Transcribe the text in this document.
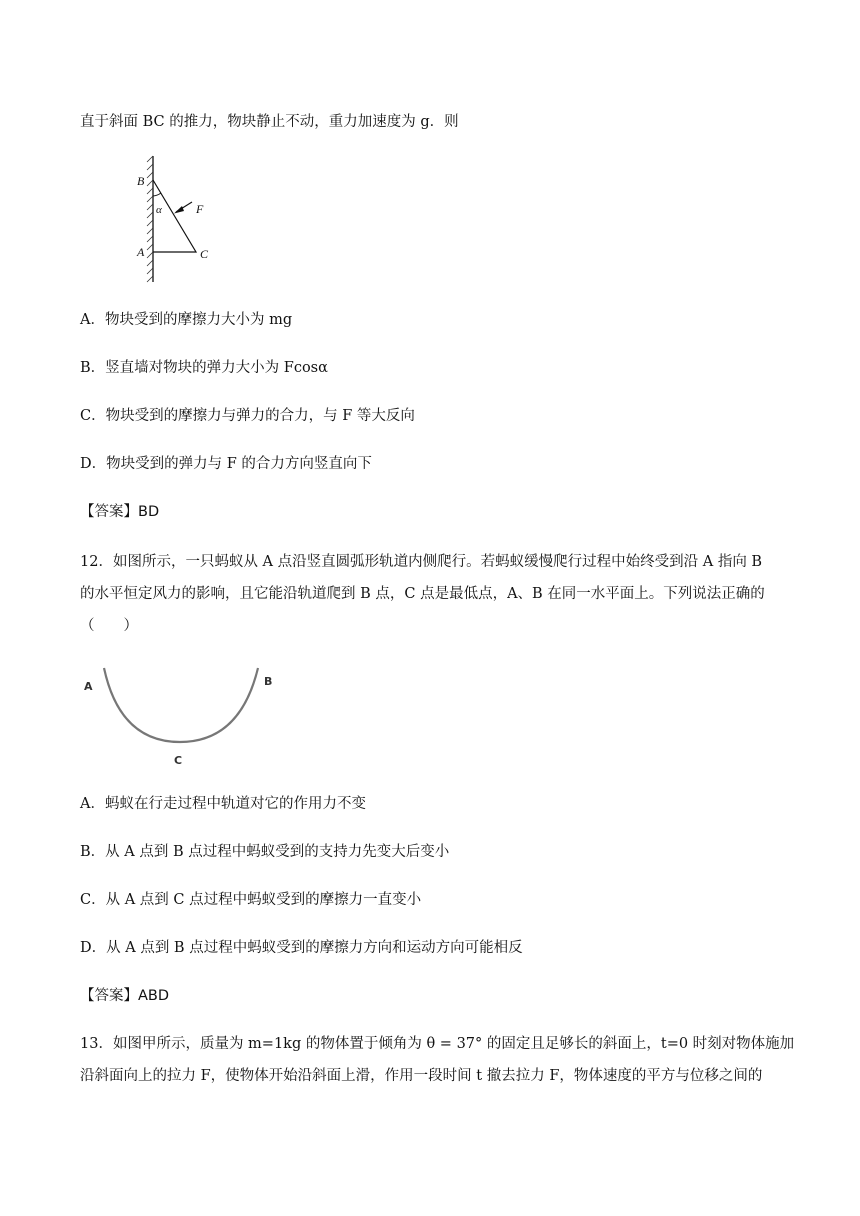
直于斜面 BC 的推力，物块静止不动，重力加速度为 g．则
B
α	F
A	C
A．物块受到的摩擦力大小为 mg
B．竖直墙对物块的弹力大小为 Fcosα
C．物块受到的摩擦力与弹力的合力，与 F 等大反向
D．物块受到的弹力与 F 的合力方向竖直向下
【答案】BD
12．如图所示，一只蚂蚁从 A 点沿竖直圆弧形轨道内侧爬行。若蚂蚁缓慢爬行过程中始终受到沿 A 指向 B
的水平恒定风力的影响，且它能沿轨道爬到 B 点，C 点是最低点，A、B 在同一水平面上。下列说法正确的
（　　）
A	B
C
A．蚂蚁在行走过程中轨道对它的作用力不变
B．从 A 点到 B 点过程中蚂蚁受到的支持力先变大后变小
C．从 A 点到 C 点过程中蚂蚁受到的摩擦力一直变小
D．从 A 点到 B 点过程中蚂蚁受到的摩擦力方向和运动方向可能相反
【答案】ABD
13．如图甲所示，质量为 m=1kg 的物体置于倾角为 θ = 37° 的固定且足够长的斜面上，t=0 时刻对物体施加
沿斜面向上的拉力 F，使物体开始沿斜面上滑，作用一段时间 t 撤去拉力 F，物体速度的平方与位移之间的
